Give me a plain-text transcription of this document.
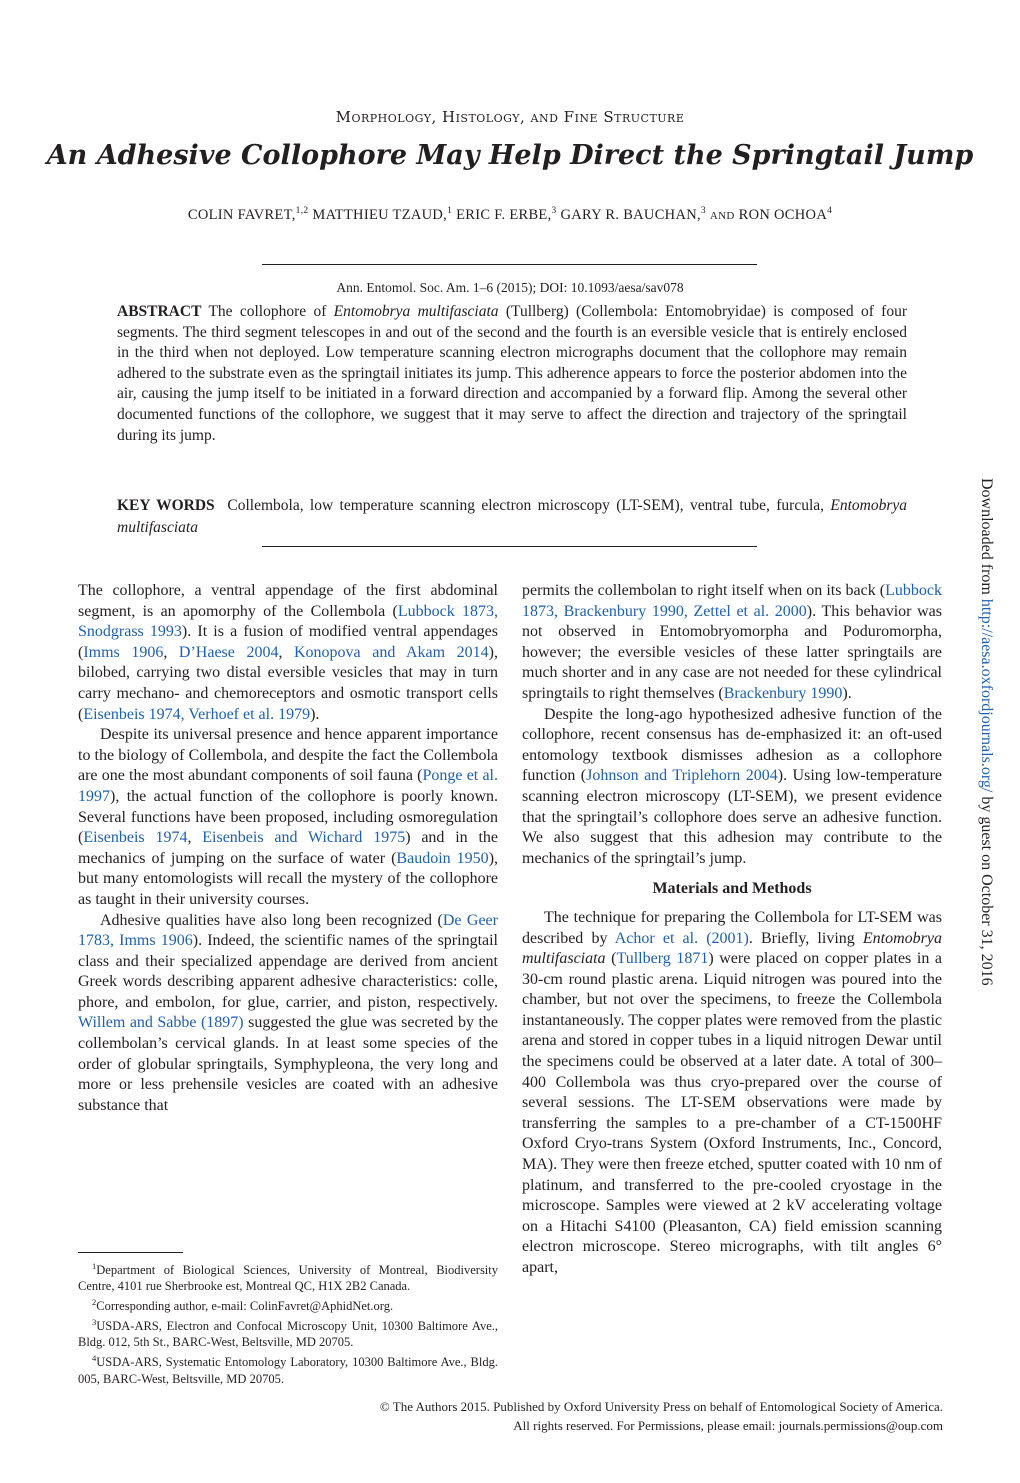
Morphology, Histology, and Fine Structure
An Adhesive Collophore May Help Direct the Springtail Jump
COLIN FAVRET,$^{1,2}$ MATTHIEU TZAUD,$^1$ ERIC F. ERBE,$^3$ GARY R. BAUCHAN,$^3$ AND RON OCHOA$^4$
Ann. Entomol. Soc. Am. 1–6 (2015); DOI: 10.1093/aesa/sav078
ABSTRACT The collophore of Entomobrya multifasciata (Tullberg) (Collembola: Entomobryidae) is composed of four segments. The third segment telescopes in and out of the second and the fourth is an eversible vesicle that is entirely enclosed in the third when not deployed. Low temperature scanning electron micrographs document that the collophore may remain adhered to the substrate even as the springtail initiates its jump. This adherence appears to force the posterior abdomen into the air, causing the jump itself to be initiated in a forward direction and accompanied by a forward flip. Among the several other documented functions of the collophore, we suggest that it may serve to affect the direction and trajectory of the springtail during its jump.
KEY WORDS Collembola, low temperature scanning electron microscopy (LT-SEM), ventral tube, furcula, Entomobrya multifasciata

The collophore, a ventral appendage of the first abdominal segment, is an apomorphy of the Collembola (Lubbock 1873, Snodgrass 1993). It is a fusion of modified ventral appendages (Imms 1906, D’Haese 2004, Konopova and Akam 2014), bilobed, carrying two distal eversible vesicles that may in turn carry mechano- and chemoreceptors and osmotic transport cells (Eisenbeis 1974, Verhoef et al. 1979).

Despite its universal presence and hence apparent importance to the biology of Collembola, and despite the fact the Collembola are one the most abundant components of soil fauna (Ponge et al. 1997), the actual function of the collophore is poorly known. Several functions have been proposed, including osmoregulation (Eisenbeis 1974, Eisenbeis and Wichard 1975) and in the mechanics of jumping on the surface of water (Baudoin 1950), but many entomologists will recall the mystery of the collophore as taught in their university courses.

Adhesive qualities have also long been recognized (De Geer 1783, Imms 1906). Indeed, the scientific names of the springtail class and their specialized appendage are derived from ancient Greek words describing apparent adhesive characteristics: colle, phore, and embolon, for glue, carrier, and piston, respectively. Willem and Sabbe (1897) suggested the glue was secreted by the collembolan’s cervical glands. In at least some species of the order of globular springtails, Symphypleona, the very long and more or less prehensile vesicles are coated with an adhesive substance that

$^1$Department of Biological Sciences, University of Montreal, Biodiversity Centre, 4101 rue Sherbrooke est, Montreal QC, H1X 2B2 Canada.

$^2$Corresponding author, e-mail: ColinFavret@AphidNet.org.

$^3$USDA-ARS, Electron and Confocal Microscopy Unit, 10300 Baltimore Ave., Bldg. 012, 5th St., BARC-West, Beltsville, MD 20705.

$^4$USDA-ARS, Systematic Entomology Laboratory, 10300 Baltimore Ave., Bldg. 005, BARC-West, Beltsville, MD 20705.

permits the collembolan to right itself when on its back (Lubbock 1873, Brackenbury 1990, Zettel et al. 2000). This behavior was not observed in Entomobryomorpha and Poduromorpha, however; the eversible vesicles of these latter springtails are much shorter and in any case are not needed for these cylindrical springtails to right themselves (Brackenbury 1990).

Despite the long-ago hypothesized adhesive function of the collophore, recent consensus has de-emphasized it: an oft-used entomology textbook dismisses adhesion as a collophore function (Johnson and Triplehorn 2004). Using low-temperature scanning electron microscopy (LT-SEM), we present evidence that the springtail’s collophore does serve an adhesive function. We also suggest that this adhesion may contribute to the mechanics of the springtail’s jump.

Materials and Methods

The technique for preparing the Collembola for LT-SEM was described by Achor et al. (2001). Briefly, living Entomobrya multifasciata (Tullberg 1871) were placed on copper plates in a 30-cm round plastic arena. Liquid nitrogen was poured into the chamber, but not over the specimens, to freeze the Collembola instantaneously. The copper plates were removed from the plastic arena and stored in copper tubes in a liquid nitrogen Dewar until the specimens could be observed at a later date. A total of 300–400 Collembola was thus cryo-prepared over the course of several sessions. The LT-SEM observations were made by transferring the samples to a pre-chamber of a CT-1500HF Oxford Cryo-trans System (Oxford Instruments, Inc., Concord, MA). They were then freeze etched, sputter coated with 10 nm of platinum, and transferred to the pre-cooled cryostage in the microscope. Samples were viewed at 2 kV accelerating voltage on a Hitachi S4100 (Pleasanton, CA) field emission scanning electron microscope. Stereo micrographs, with tilt angles 6° apart,

© The Authors 2015. Published by Oxford University Press on behalf of Entomological Society of America.
All rights reserved. For Permissions, please email: journals.permissions@oup.com
Downloaded from http://aesa.oxfordjournals.org/ by guest on October 31, 2016
